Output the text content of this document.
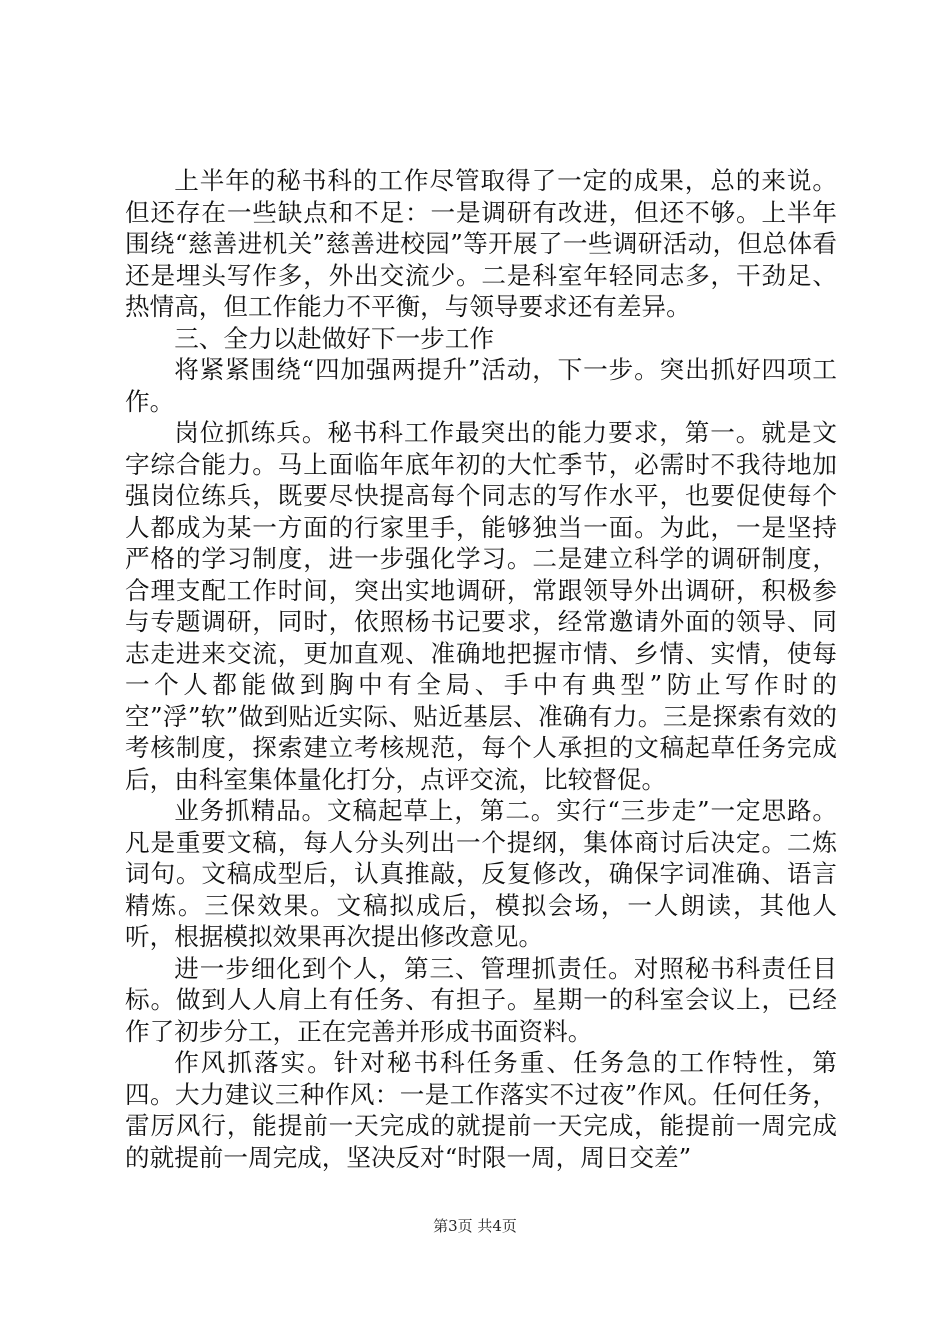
上半年的秘书科的工作尽管取得了一定的成果，总的来说。但还存在一些缺点和不足：一是调研有改进，但还不够。上半年围绕“慈善进机关”慈善进校园”等开展了一些调研活动，但总体看还是埋头写作多，外出交流少。二是科室年轻同志多，干劲足、热情高，但工作能力不平衡，与领导要求还有差异。

三、全力以赴做好下一步工作

将紧紧围绕“四加强两提升”活动，下一步。突出抓好四项工作。

岗位抓练兵。秘书科工作最突出的能力要求，第一。就是文字综合能力。马上面临年底年初的大忙季节，必需时不我待地加强岗位练兵，既要尽快提高每个同志的写作水平，也要促使每个人都成为某一方面的行家里手，能够独当一面。为此，一是坚持严格的学习制度，进一步强化学习。二是建立科学的调研制度，合理支配工作时间，突出实地调研，常跟领导外出调研，积极参与专题调研，同时，依照杨书记要求，经常邀请外面的领导、同志走进来交流，更加直观、准确地把握市情、乡情、实情，使每一个人都能做到胸中有全局、手中有典型”防止写作时的空”浮”软”做到贴近实际、贴近基层、准确有力。三是探索有效的考核制度，探索建立考核规范，每个人承担的文稿起草任务完成后，由科室集体量化打分，点评交流，比较督促。

业务抓精品。文稿起草上，第二。实行“三步走”一定思路。凡是重要文稿，每人分头列出一个提纲，集体商讨后决定。二炼词句。文稿成型后，认真推敲，反复修改，确保字词准确、语言精炼。三保效果。文稿拟成后，模拟会场，一人朗读，其他人听，根据模拟效果再次提出修改意见。

进一步细化到个人，第三、管理抓责任。对照秘书科责任目标。做到人人肩上有任务、有担子。星期一的科室会议上，已经作了初步分工，正在完善并形成书面资料。

作风抓落实。针对秘书科任务重、任务急的工作特性，第四。大力建议三种作风：一是工作落实不过夜”作风。任何任务，雷厉风行，能提前一天完成的就提前一天完成，能提前一周完成的就提前一周完成，坚决反对“时限一周，周日交差”

第3页 共4页
